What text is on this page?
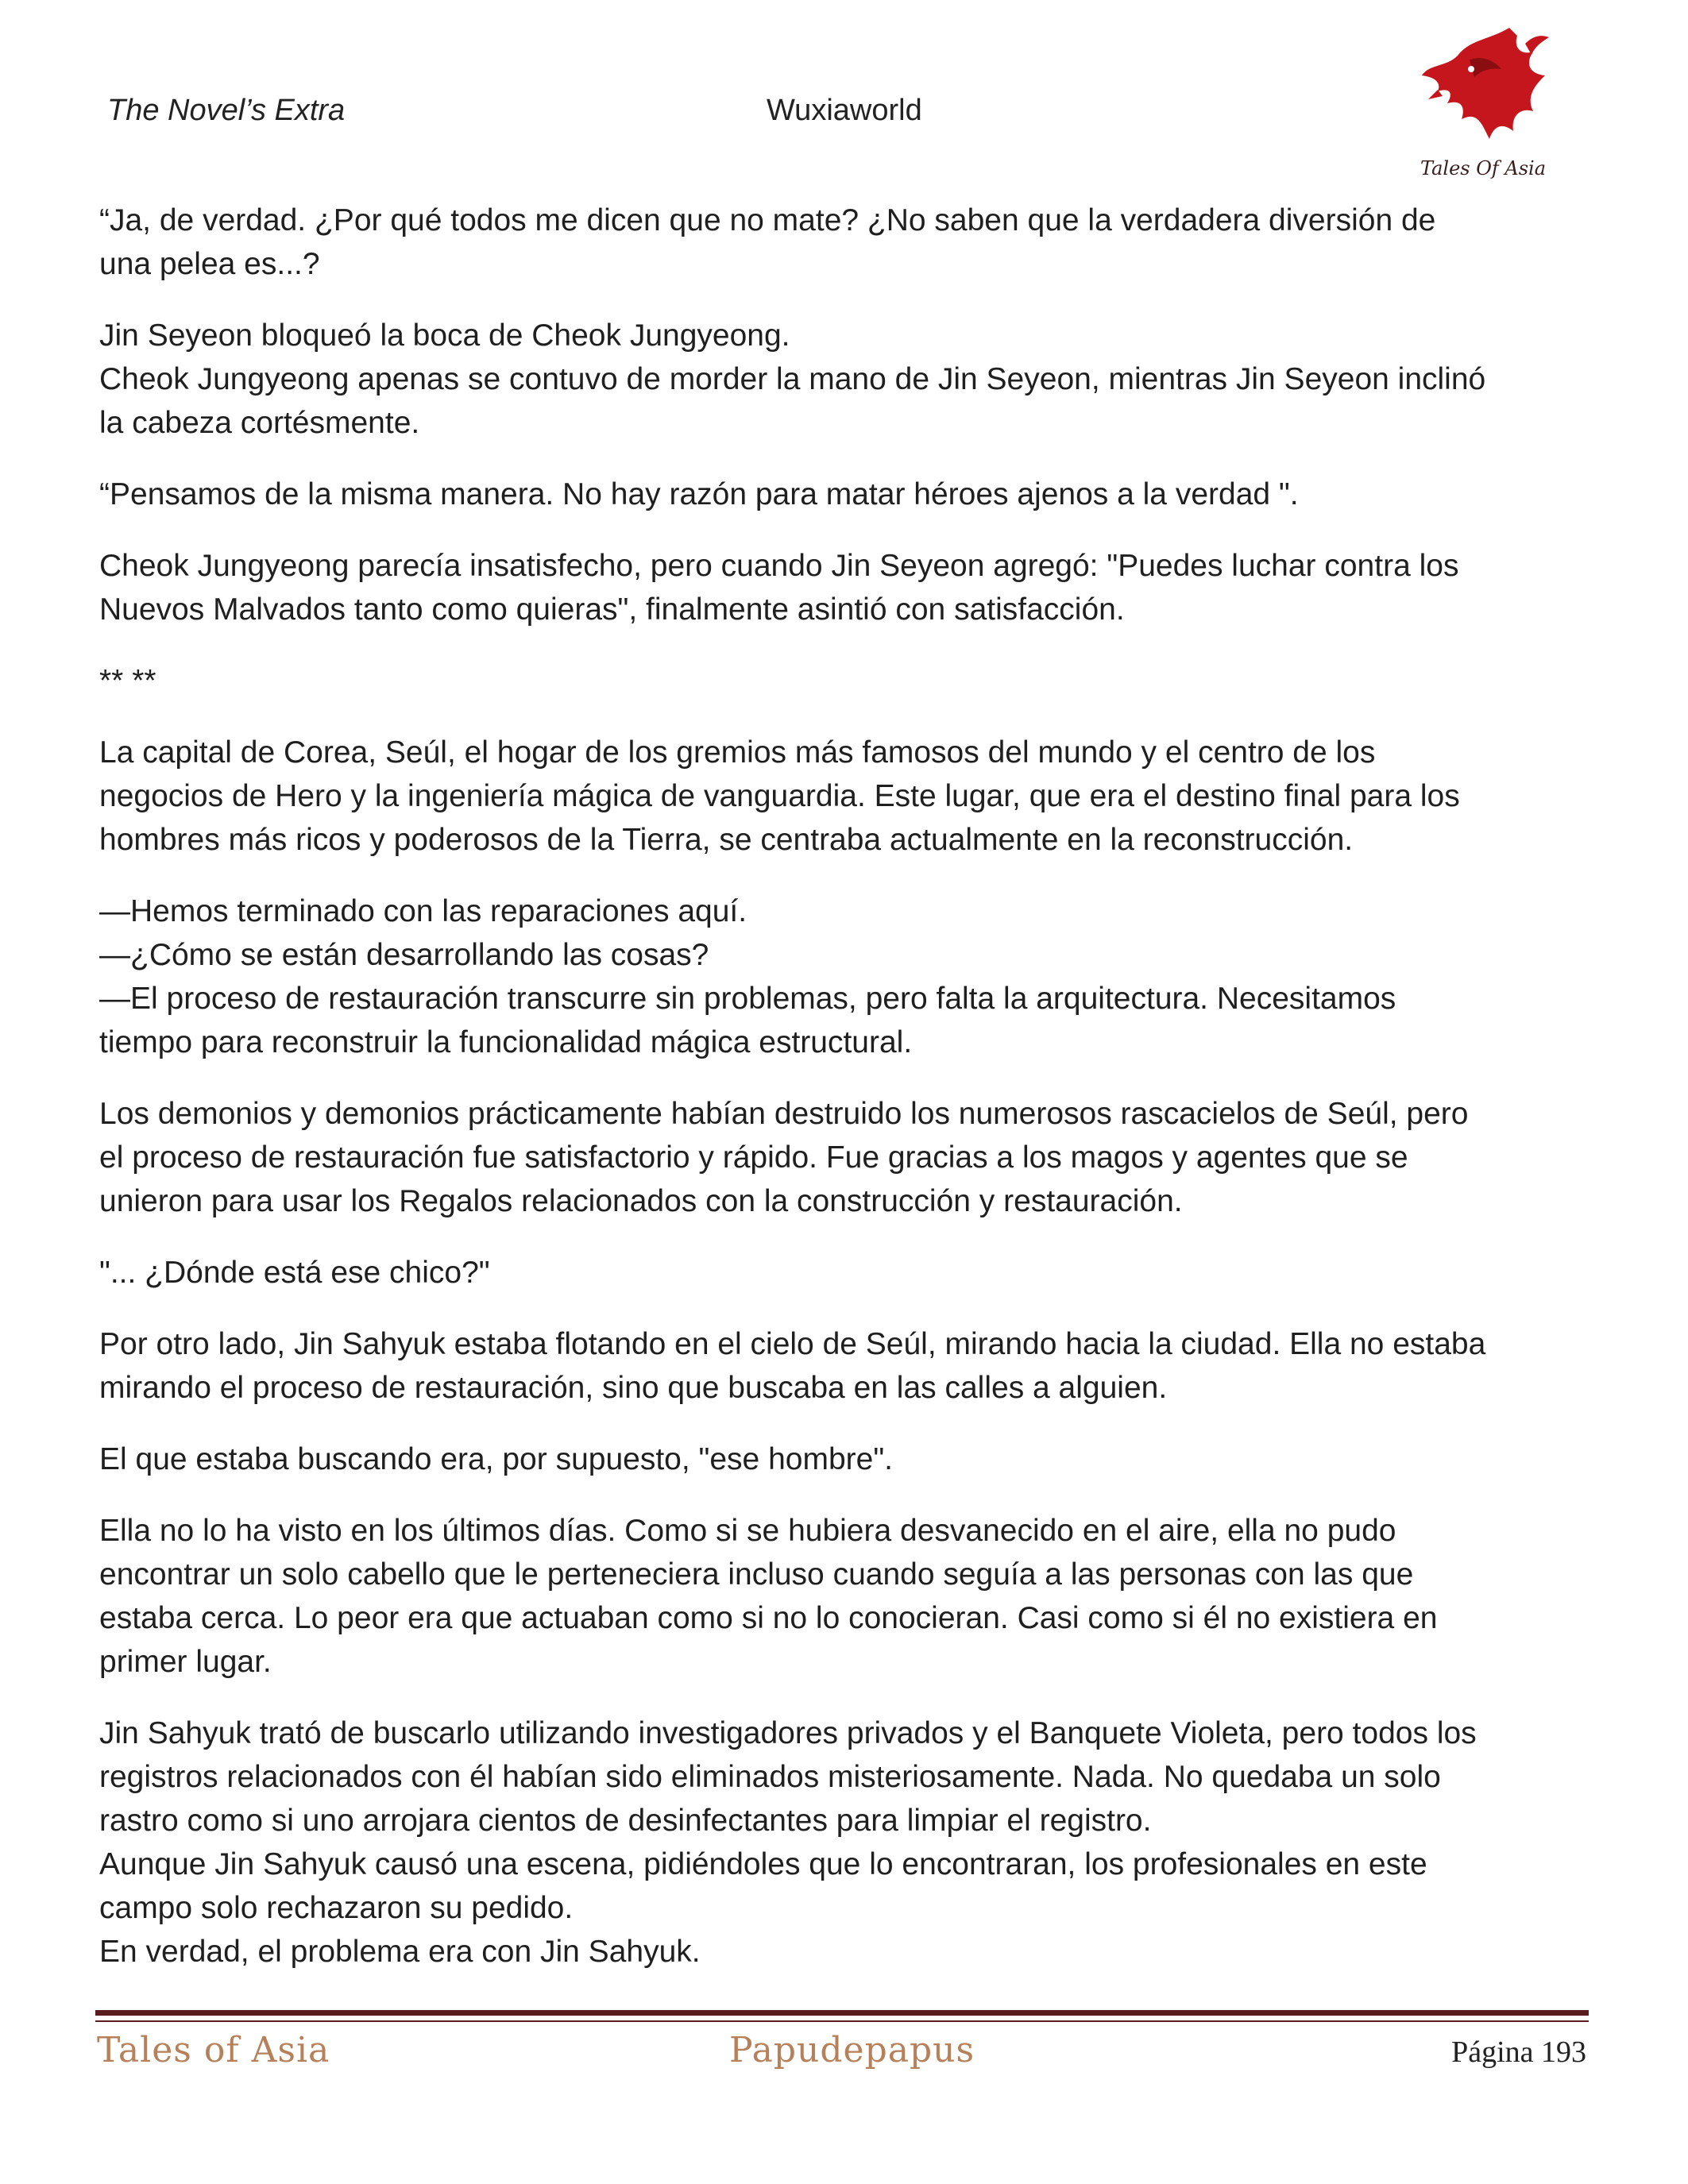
The Novel’s Extra	Wuxiaworld
Tales Of Asia

“Ja, de verdad. ¿Por qué todos me dicen que no mate? ¿No saben que la verdadera diversión de
una pelea es...?

Jin Seyeon bloqueó la boca de Cheok Jungyeong.
Cheok Jungyeong apenas se contuvo de morder la mano de Jin Seyeon, mientras Jin Seyeon inclinó
la cabeza cortésmente.

“Pensamos de la misma manera. No hay razón para matar héroes ajenos a la verdad ".

Cheok Jungyeong parecía insatisfecho, pero cuando Jin Seyeon agregó: "Puedes luchar contra los
Nuevos Malvados tanto como quieras", finalmente asintió con satisfacción.

** **

La capital de Corea, Seúl, el hogar de los gremios más famosos del mundo y el centro de los
negocios de Hero y la ingeniería mágica de vanguardia. Este lugar, que era el destino final para los
hombres más ricos y poderosos de la Tierra, se centraba actualmente en la reconstrucción.

—Hemos terminado con las reparaciones aquí.
—¿Cómo se están desarrollando las cosas?
—El proceso de restauración transcurre sin problemas, pero falta la arquitectura. Necesitamos
tiempo para reconstruir la funcionalidad mágica estructural.

Los demonios y demonios prácticamente habían destruido los numerosos rascacielos de Seúl, pero
el proceso de restauración fue satisfactorio y rápido. Fue gracias a los magos y agentes que se
unieron para usar los Regalos relacionados con la construcción y restauración.

"... ¿Dónde está ese chico?"

Por otro lado, Jin Sahyuk estaba flotando en el cielo de Seúl, mirando hacia la ciudad. Ella no estaba
mirando el proceso de restauración, sino que buscaba en las calles a alguien.

El que estaba buscando era, por supuesto, "ese hombre".

Ella no lo ha visto en los últimos días. Como si se hubiera desvanecido en el aire, ella no pudo
encontrar un solo cabello que le perteneciera incluso cuando seguía a las personas con las que
estaba cerca. Lo peor era que actuaban como si no lo conocieran. Casi como si él no existiera en
primer lugar.

Jin Sahyuk trató de buscarlo utilizando investigadores privados y el Banquete Violeta, pero todos los
registros relacionados con él habían sido eliminados misteriosamente. Nada. No quedaba un solo
rastro como si uno arrojara cientos de desinfectantes para limpiar el registro.
Aunque Jin Sahyuk causó una escena, pidiéndoles que lo encontraran, los profesionales en este
campo solo rechazaron su pedido.
En verdad, el problema era con Jin Sahyuk.

Tales of Asia	Papudepapus	Página 193
